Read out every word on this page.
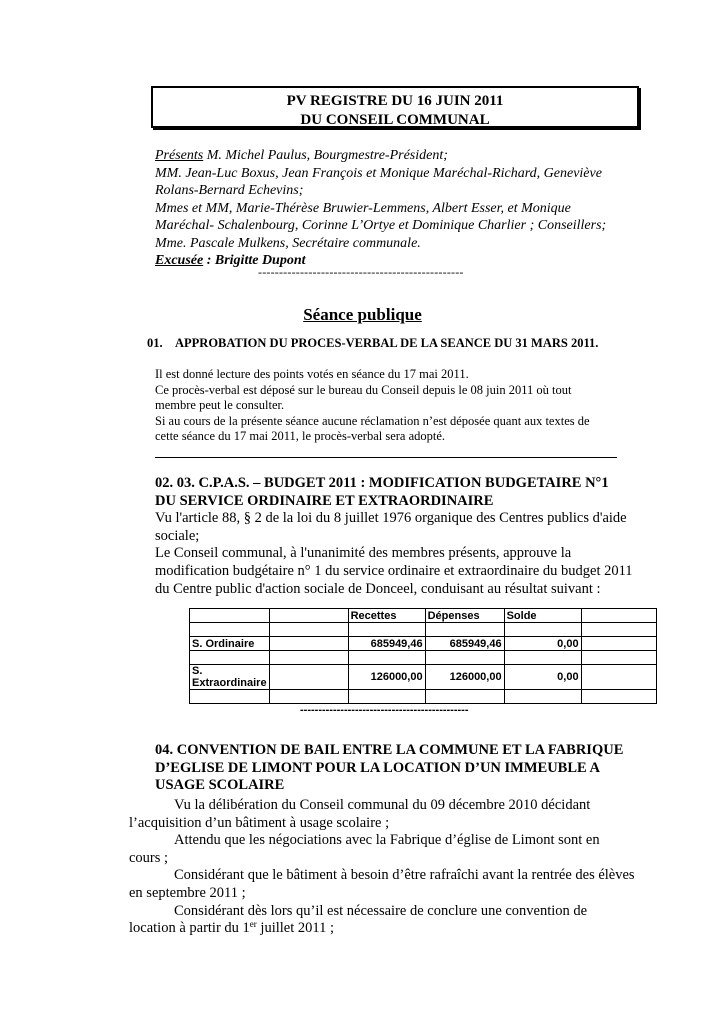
PV REGISTRE DU 16 JUIN 2011
DU CONSEIL COMMUNAL
Présents M. Michel Paulus, Bourgmestre-Président;
MM. Jean-Luc Boxus, Jean François et Monique Maréchal-Richard, Geneviève
Rolans-Bernard Echevins;
Mmes et MM, Marie-Thérèse Bruwier-Lemmens, Albert Esser, et Monique
Maréchal- Schalenbourg, Corinne L’Ortye et Dominique Charlier ; Conseillers;
Mme. Pascale Mulkens, Secrétaire communale.
Excusée : Brigitte Dupont
-------------------------------------------------
Séance publique
01. APPROBATION DU PROCES-VERBAL DE LA SEANCE DU 31 MARS 2011.
Il est donné lecture des points votés en séance du 17 mai 2011.
Ce procès-verbal est déposé sur le bureau du Conseil depuis le 08 juin 2011 où tout
membre peut le consulter.
Si au cours de la présente séance aucune réclamation n’est déposée quant aux textes de
cette séance du 17 mai 2011, le procès-verbal sera adopté.
02. 03. C.P.A.S. – BUDGET 2011 : MODIFICATION BUDGETAIRE N°1
DU SERVICE ORDINAIRE ET EXTRAORDINAIRE
Vu l'article 88, § 2 de la loi du 8 juillet 1976 organique des Centres publics d'aide
sociale;
Le Conseil communal, à l'unanimité des membres présents, approuve la
modification budgétaire n° 1 du service ordinaire et extraordinaire du budget 2011
du Centre public d'action sociale de Donceel, conduisant au résultat suivant :
		Recettes	Dépenses	Solde	

S. Ordinaire		685949,46	685949,46	0,00	

S. Extraordinaire		126000,00	126000,00	0,00	

----------------------------------------------
04. CONVENTION DE BAIL ENTRE LA COMMUNE ET LA FABRIQUE
D’EGLISE DE LIMONT POUR LA LOCATION D’UN IMMEUBLE A
USAGE SCOLAIRE
Vu la délibération du Conseil communal du 09 décembre 2010 décidant
l’acquisition d’un bâtiment à usage scolaire ;
Attendu que les négociations avec la Fabrique d’église de Limont sont en
cours ;
Considérant que le bâtiment à besoin d’être rafraîchi avant la rentrée des élèves
en septembre 2011 ;
Considérant dès lors qu’il est nécessaire de conclure une convention de
location à partir du 1er juillet 2011 ;
